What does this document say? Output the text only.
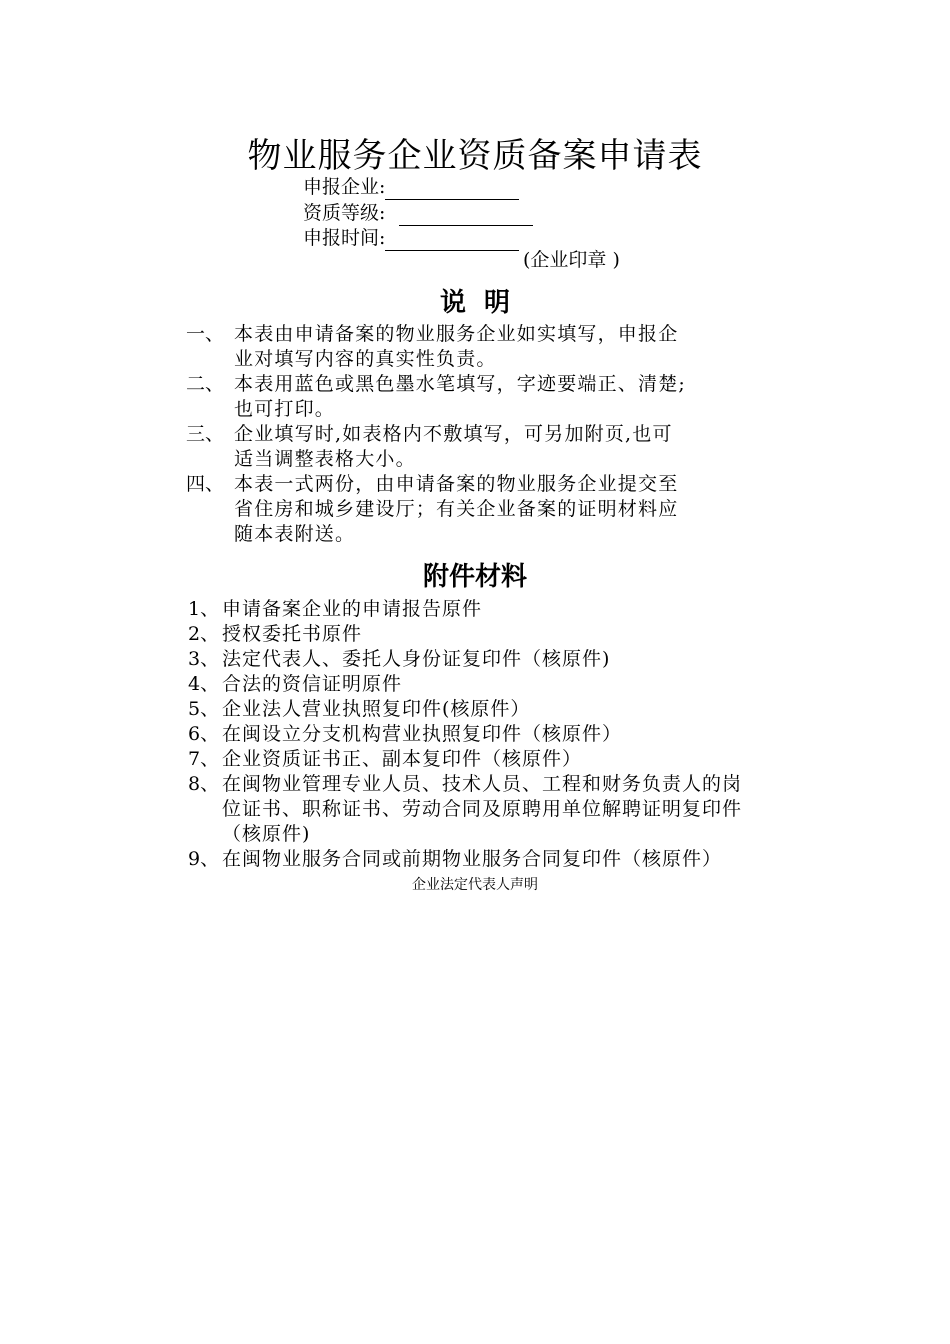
物业服务企业资质备案申请表
申报企业:
资质等级:
申报时间:
(企业印章 )
说  明
一、 本表由申请备案的物业服务企业如实填写，申报企
业对填写内容的真实性负责。
二、 本表用蓝色或黑色墨水笔填写，字迹要端正、清楚;
也可打印。
三、 企业填写时,如表格内不敷填写，可另加附页,也可
适当调整表格大小。
四、 本表一式两份，由申请备案的物业服务企业提交至
省住房和城乡建设厅；有关企业备案的证明材料应
随本表附送。
附件材料
1、 申请备案企业的申请报告原件
2、 授权委托书原件
3、 法定代表人、委托人身份证复印件（核原件)
4、 合法的资信证明原件
5、 企业法人营业执照复印件(核原件）
6、 在闽设立分支机构营业执照复印件（核原件）
7、 企业资质证书正、副本复印件（核原件）
8、 在闽物业管理专业人员、技术人员、工程和财务负责人的岗
位证书、职称证书、劳动合同及原聘用单位解聘证明复印件
（核原件)
9、 在闽物业服务合同或前期物业服务合同复印件（核原件）
企业法定代表人声明
